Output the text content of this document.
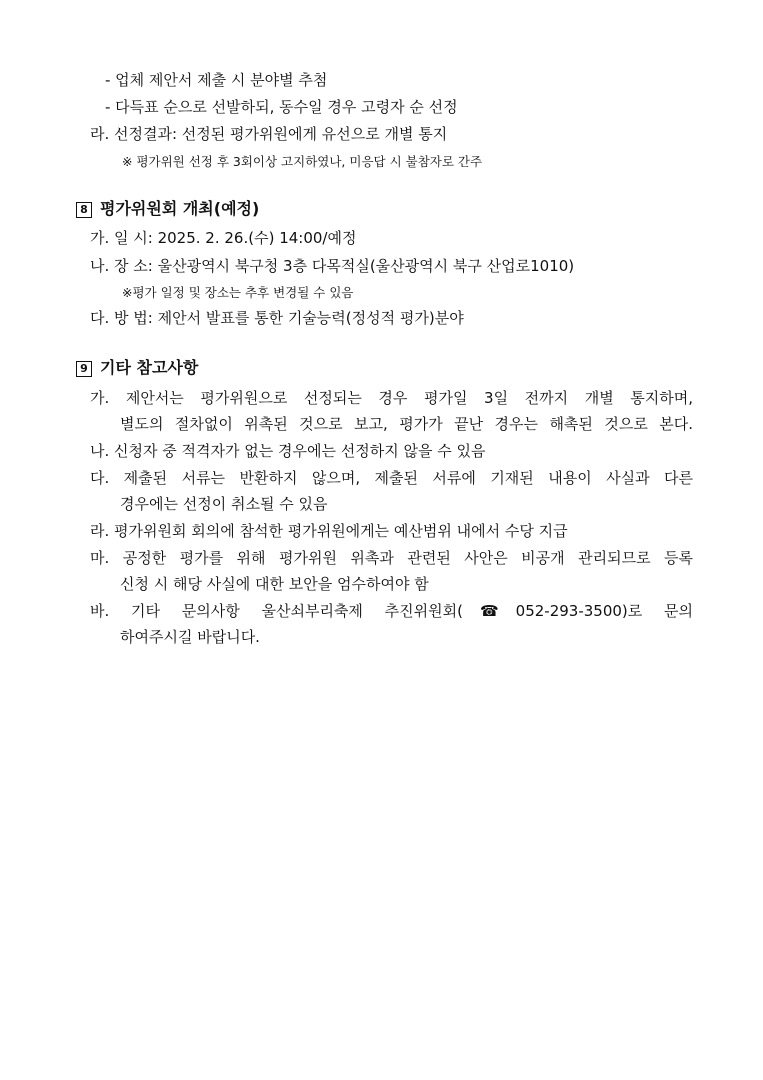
- 업체 제안서 제출 시 분야별 추첨
- 다득표 순으로 선발하되, 동수일 경우 고령자 순 선정
라. 선정결과: 선정된 평가위원에게 유선으로 개별 통지
※ 평가위원 선정 후 3회이상 고지하였나, 미응답 시 불참자로 간주
8 평가위원회 개최(예정)
가. 일 시: 2025. 2. 26.(수) 14:00/예정
나. 장 소: 울산광역시 북구청 3층 다목적실(울산광역시 북구 산업로1010)
※평가 일정 및 장소는 추후 변경될 수 있음
다. 방 법: 제안서 발표를 통한 기술능력(정성적 평가)분야
9 기타 참고사항
가. 제안서는 평가위원으로 선정되는 경우 평가일 3일 전까지 개별 통지하며,
별도의 절차없이 위촉된 것으로 보고, 평가가 끝난 경우는 해촉된 것으로 본다.
나. 신청자 중 적격자가 없는 경우에는 선정하지 않을 수 있음
다. 제출된 서류는 반환하지 않으며, 제출된 서류에 기재된 내용이 사실과 다른
경우에는 선정이 취소될 수 있음
라. 평가위원회 회의에 참석한 평가위원에게는 예산범위 내에서 수당 지급
마. 공정한 평가를 위해 평가위원 위촉과 관련된 사안은 비공개 관리되므로 등록
신청 시 해당 사실에 대한 보안을 엄수하여야 함
바. 기타 문의사항 울산쇠부리축제 추진위원회(☎052-293-3500)로 문의
하여주시길 바랍니다.
